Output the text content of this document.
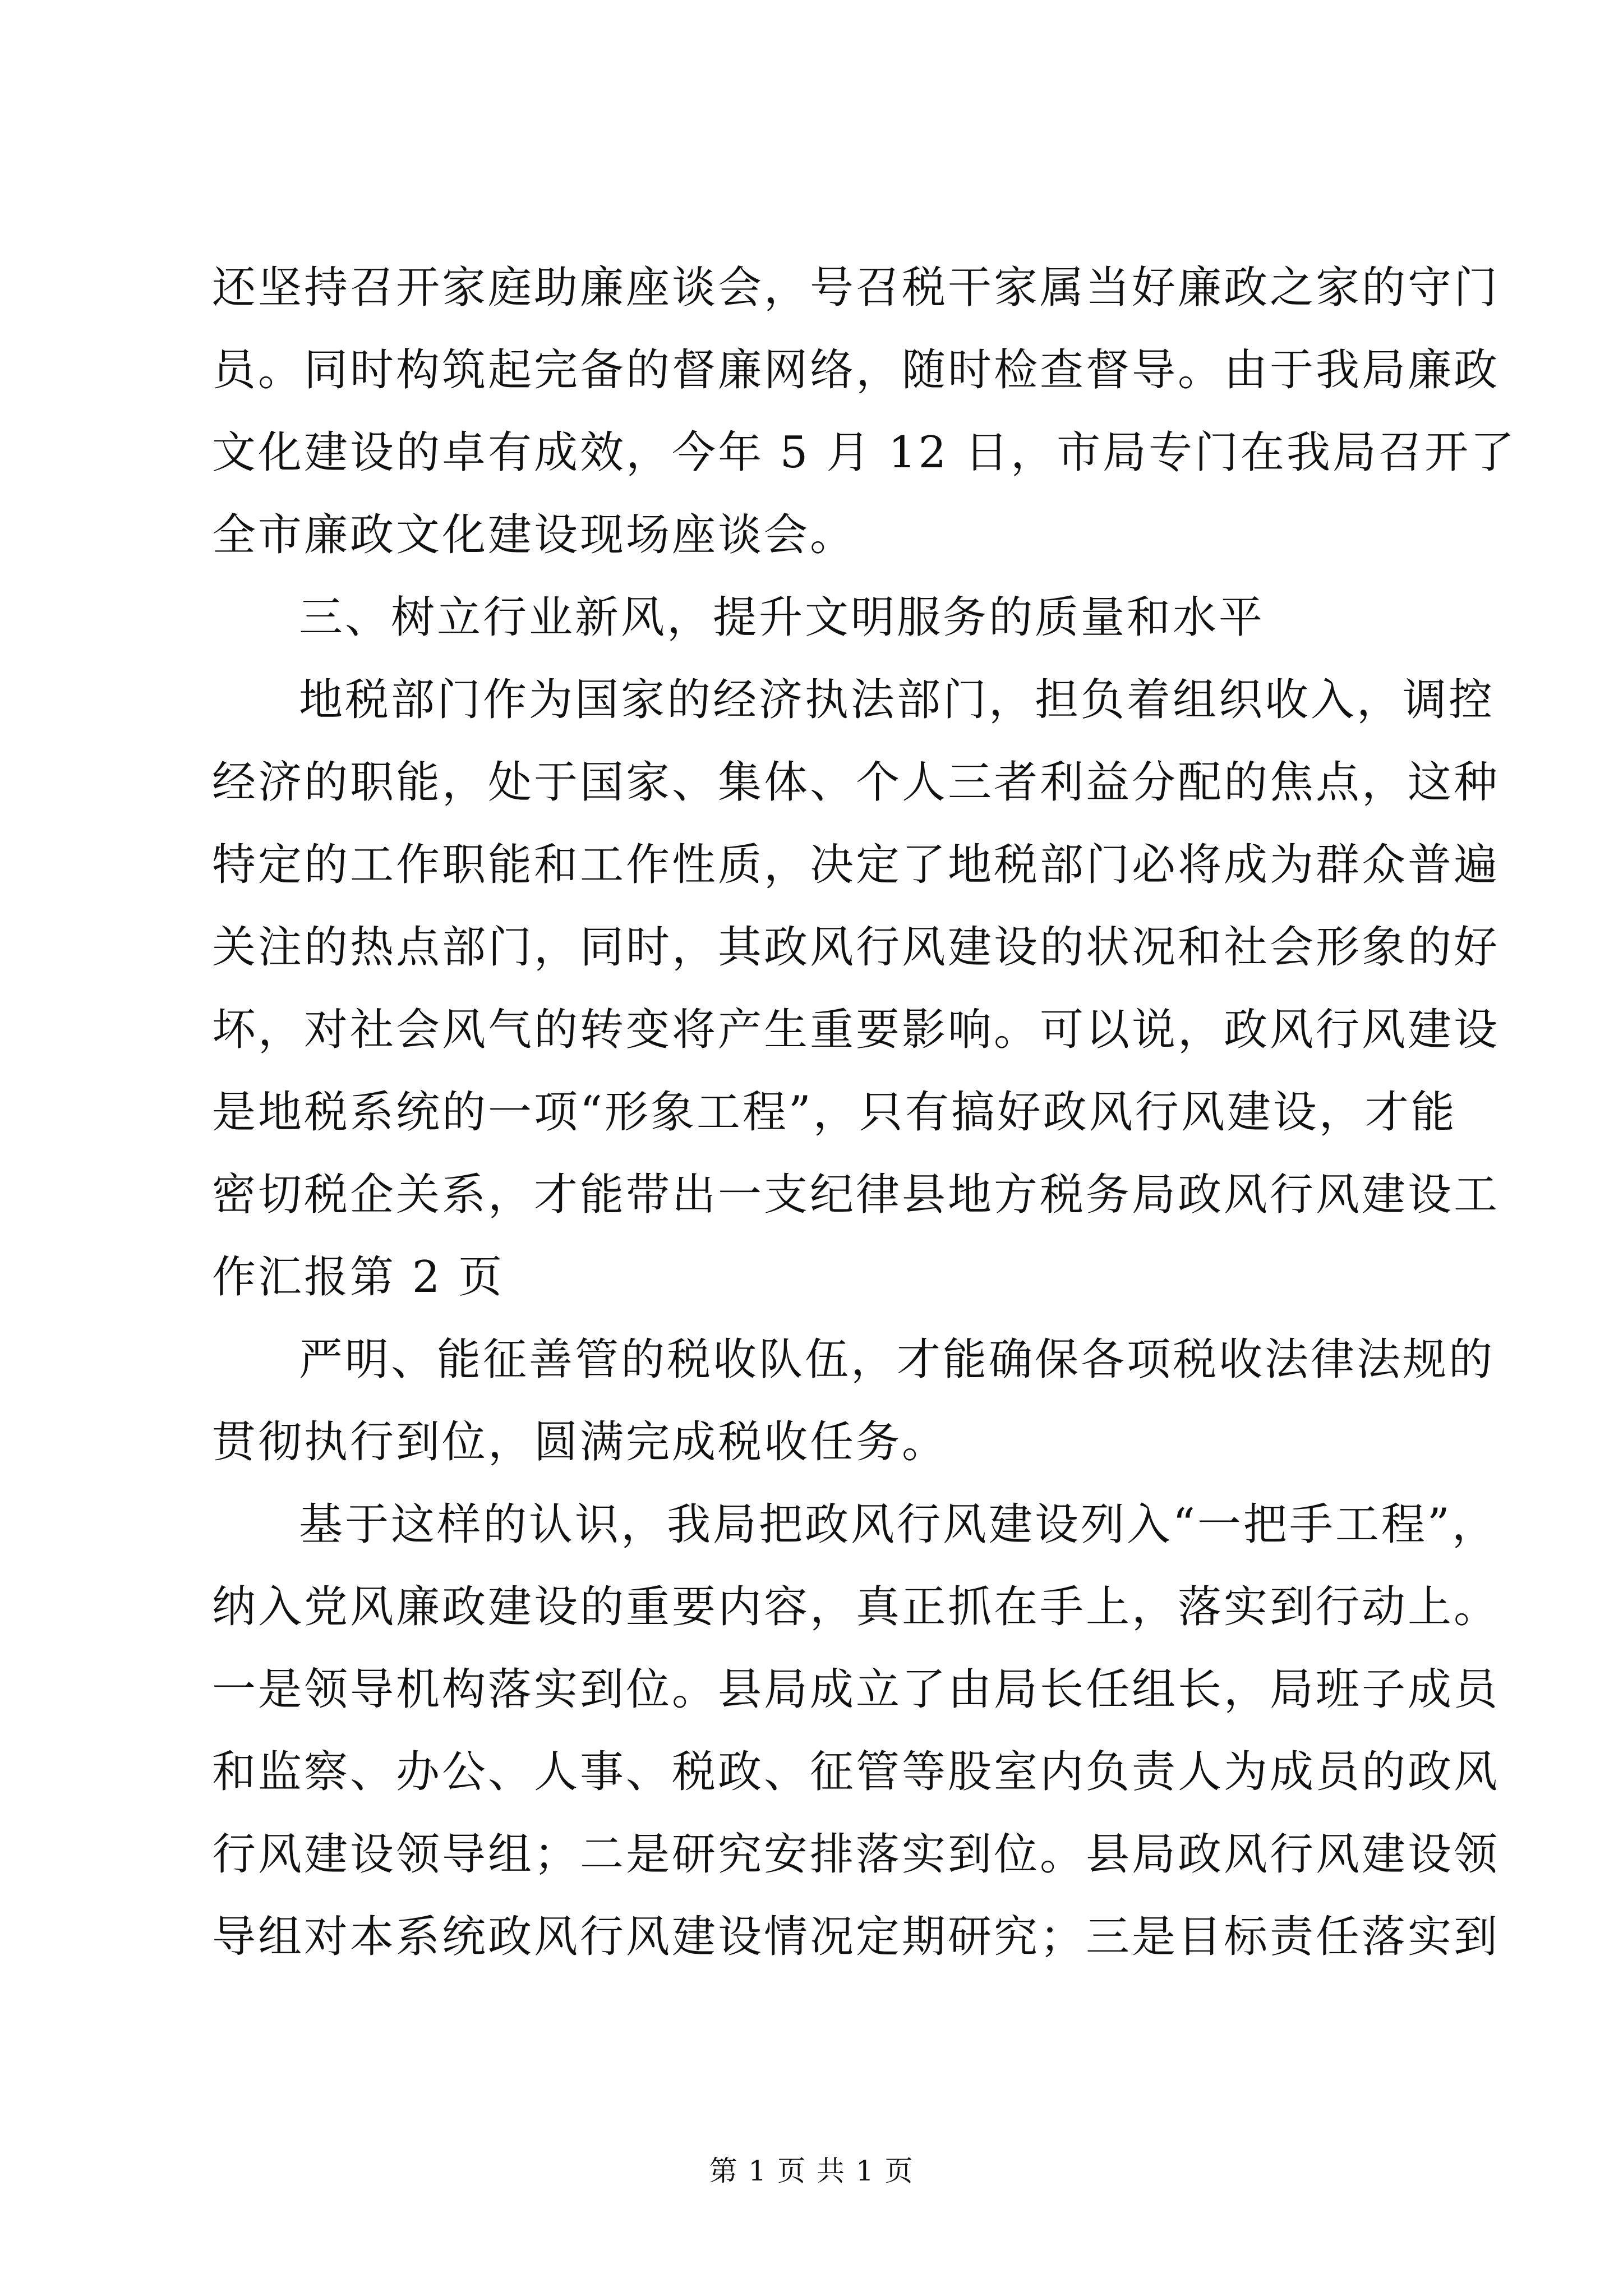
还坚持召开家庭助廉座谈会，号召税干家属当好廉政之家的守门
员。同时构筑起完备的督廉网络，随时检查督导。由于我局廉政
文化建设的卓有成效，今年 5 月 12 日，市局专门在我局召开了
全市廉政文化建设现场座谈会。
三、树立行业新风，提升文明服务的质量和水平
地税部门作为国家的经济执法部门，担负着组织收入，调控
经济的职能，处于国家、集体、个人三者利益分配的焦点，这种
特定的工作职能和工作性质，决定了地税部门必将成为群众普遍
关注的热点部门，同时，其政风行风建设的状况和社会形象的好
坏，对社会风气的转变将产生重要影响。可以说，政风行风建设
是地税系统的一项“形象工程”，只有搞好政风行风建设，才能
密切税企关系，才能带出一支纪律县地方税务局政风行风建设工
作汇报第 2 页
严明、能征善管的税收队伍，才能确保各项税收法律法规的
贯彻执行到位，圆满完成税收任务。
基于这样的认识，我局把政风行风建设列入“一把手工程”，
纳入党风廉政建设的重要内容，真正抓在手上，落实到行动上。
一是领导机构落实到位。县局成立了由局长任组长，局班子成员
和监察、办公、人事、税政、征管等股室内负责人为成员的政风
行风建设领导组；二是研究安排落实到位。县局政风行风建设领
导组对本系统政风行风建设情况定期研究；三是目标责任落实到
第 1 页 共 1 页
